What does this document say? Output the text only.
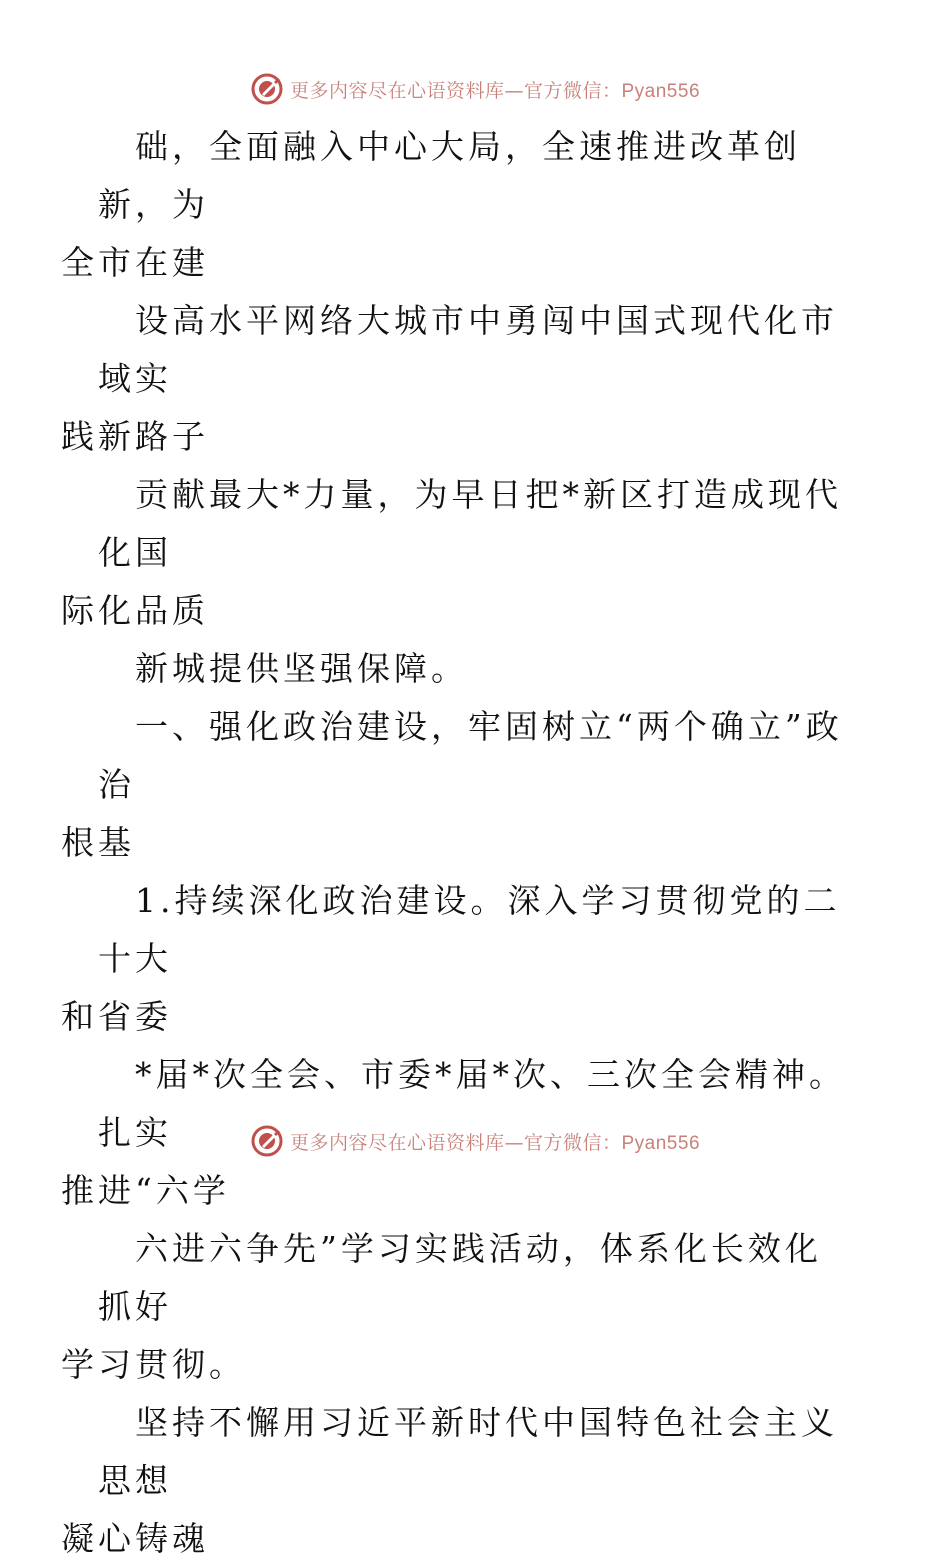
更多内容尽在心语资料库—官方微信：Pyan556

础，全面融入中心大局，全速推进改革创新，为
全市在建

设高水平网络大城市中勇闯中国式现代化市域实
践新路子

贡献最大*力量，为早日把*新区打造成现代化国
际化品质

新城提供坚强保障。

一、强化政治建设，牢固树立“两个确立”政治
根基

1.持续深化政治建设。深入学习贯彻党的二十大
和省委

*届*次全会、市委*届*次、三次全会精神。扎实
推进“六学

六进六争先”学习实践活动，体系化长效化抓好
学习贯彻。

坚持不懈用习近平新时代中国特色社会主义思想
凝心铸魂

更多内容尽在心语资料库—官方微信：Pyan556
